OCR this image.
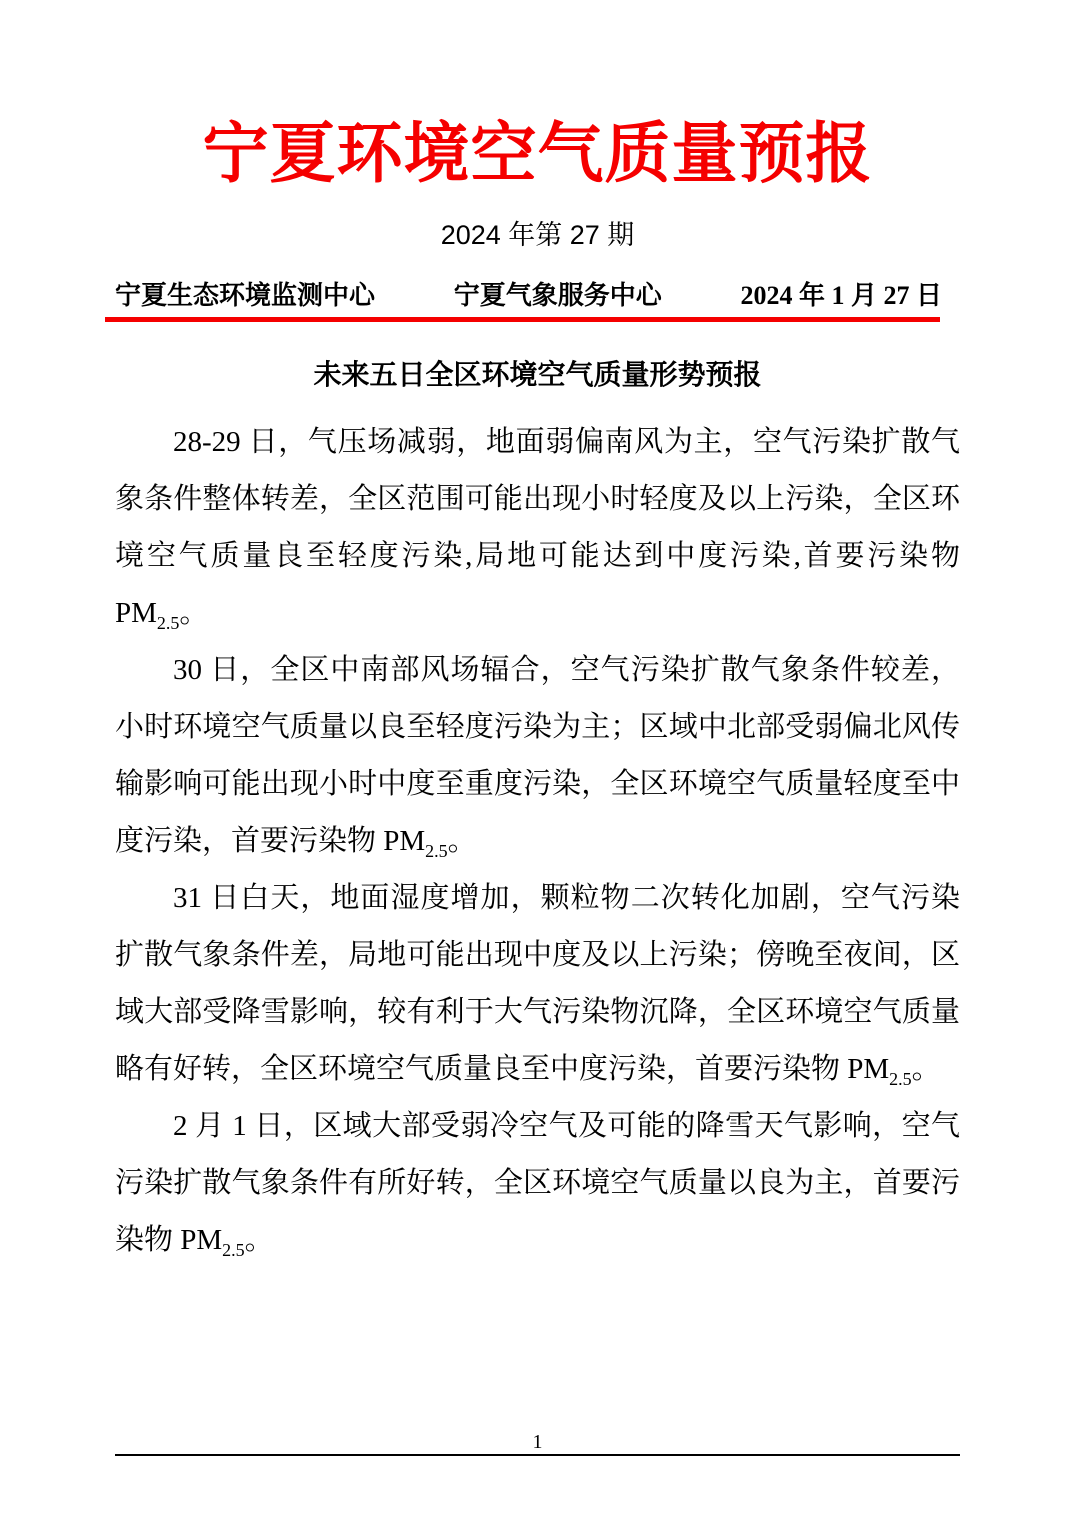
宁夏环境空气质量预报
2024 年第 27 期
宁夏生态环境监测中心	宁夏气象服务中心	2024 年 1 月 27 日
未来五日全区环境空气质量形势预报

28-29 日，气压场减弱，地面弱偏南风为主，空气污染扩散气象条件整体转差，全区范围可能出现小时轻度及以上污染，全区环境空气质量良至轻度污染,局地可能达到中度污染,首要污染物 $PM_{2.5}$。

30 日，全区中南部风场辐合，空气污染扩散气象条件较差，小时环境空气质量以良至轻度污染为主；区域中北部受弱偏北风传输影响可能出现小时中度至重度污染，全区环境空气质量轻度至中度污染，首要污染物 $PM_{2.5}$。

31 日白天，地面湿度增加，颗粒物二次转化加剧，空气污染扩散气象条件差，局地可能出现中度及以上污染；傍晚至夜间，区域大部受降雪影响，较有利于大气污染物沉降，全区环境空气质量略有好转，全区环境空气质量良至中度污染，首要污染物 $PM_{2.5}$。

2 月 1 日，区域大部受弱冷空气及可能的降雪天气影响，空气污染扩散气象条件有所好转，全区环境空气质量以良为主，首要污染物 $PM_{2.5}$。

1
